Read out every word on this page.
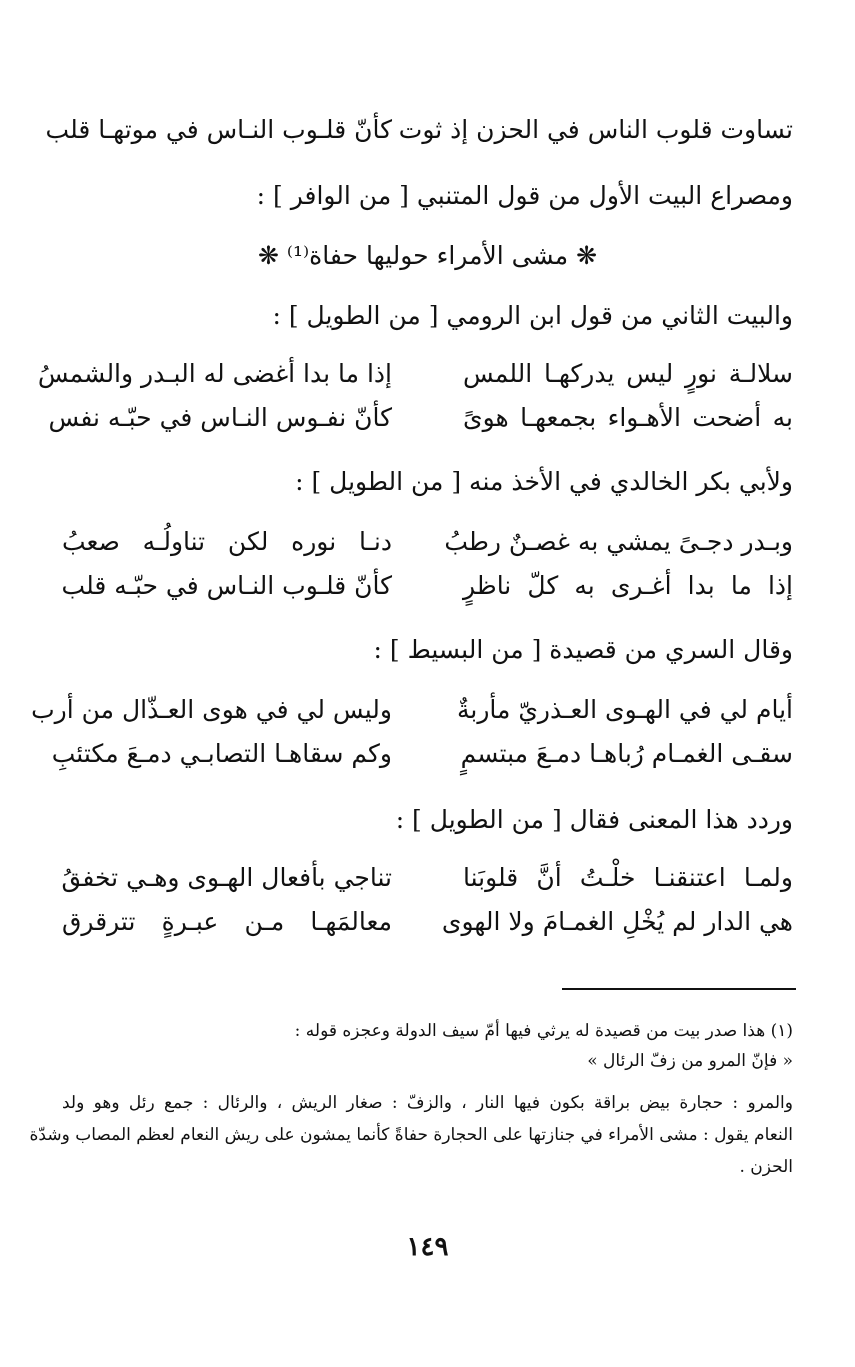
تساوت قلوب الناس في الحزن إذ ثوت
كأنّ قلـوب النـاس في موتهـا قلب
ومصراع البيت الأول من قول المتنبي [ من الوافر ] :
❋ مشى الأمراء حوليها حفاة⁽¹⁾ ❋
والبيت الثاني من قول ابن الرومي [ من الطويل ] :
سلالـة نورٍ ليس يدركهـا اللمس
إذا ما بدا أغضى له البـدر والشمسُ
به أضحت الأهـواء بجمعهـا هوىً
كأنّ نفـوس النـاس في حبّـه نفس
ولأبي بكر الخالدي في الأخذ منه [ من الطويل ] :
وبـدر دجـىً يمشي به غصـنٌ رطبُ
دنـا نوره لكن تناولُـه صعبُ
إذا ما بدا أغـرى به كلّ ناظرٍ
كأنّ قلـوب النـاس في حبّـه قلب
وقال السري من قصيدة [ من البسيط ] :
أيام لي في الهـوى العـذريّ مأربةٌ
وليس لي في هوى العـذّال من أرب
سقـى الغمـام رُباهـا دمـعَ مبتسمٍ
وكم سقاهـا التصابـي دمـعَ مكتئبِ
وردد هذا المعنى فقال [ من الطويل ] :
ولمـا اعتنقنـا خلْـتُ أنَّ قلوبَنا
تناجي بأفعال الهـوى وهـي تخفقُ
هي الدار لم يُخْلِ الغمـامَ ولا الهوى
معالمَهـا مـن عبـرةٍ تترقرق
(١) هذا صدر بيت من قصيدة له يرثي فيها أمّ سيف الدولة وعجزه قوله :
« فإنّ المرو من زفّ الرئال »
والمرو : حجارة بيض براقة بكون فيها النار ، والزفّ : صغار الريش ، والرئال : جمع رئل وهو ولد
النعام يقول : مشى الأمراء في جنازتها على الحجارة حفاةً كأنما يمشون على ريش النعام لعظم المصاب وشدّة
الحزن .
١٤٩
